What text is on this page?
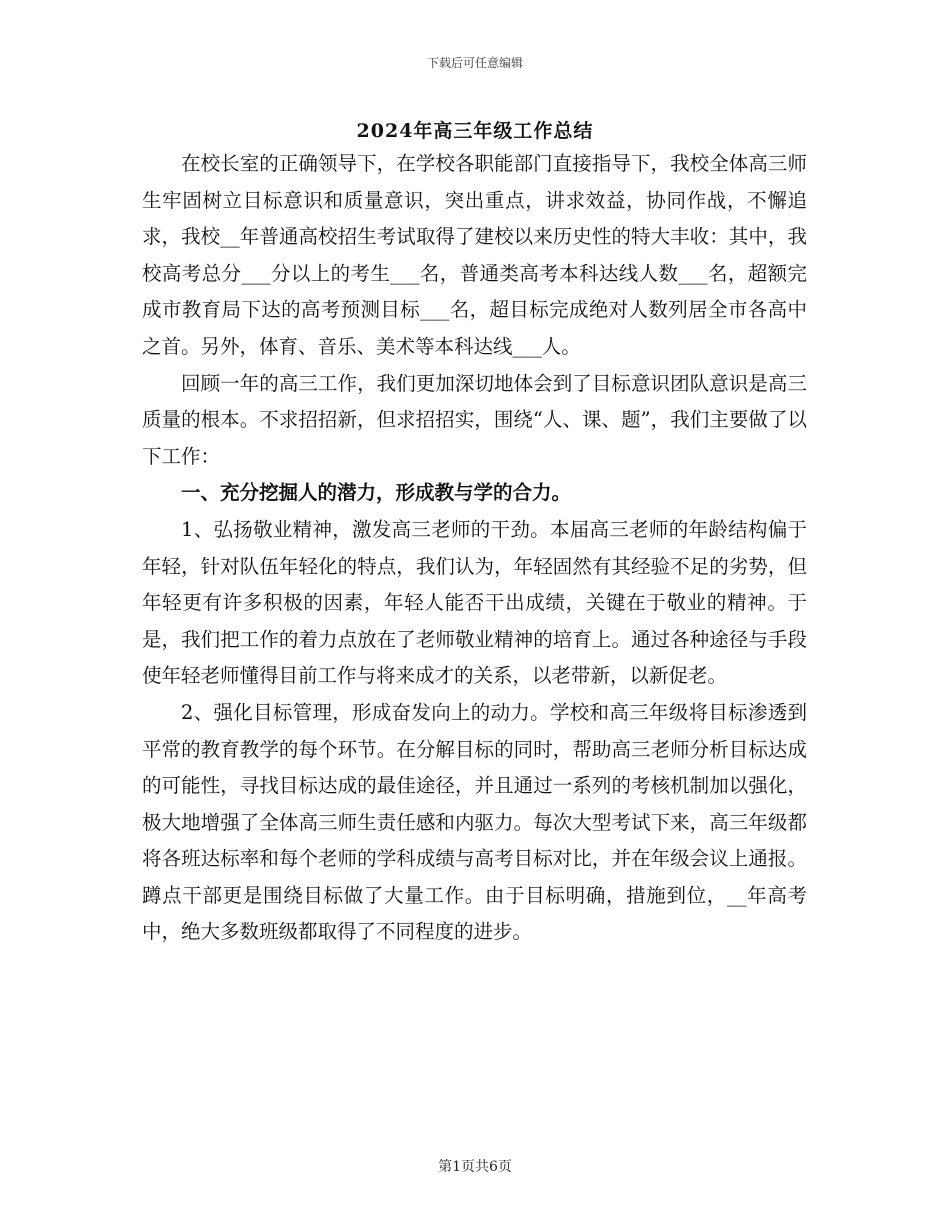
下载后可任意编辑
2024年高三年级工作总结

在校长室的正确领导下，在学校各职能部门直接指导下，我校全体高三师生牢固树立目标意识和质量意识，突出重点，讲求效益，协同作战，不懈追求，我校__年普通高校招生考试取得了建校以来历史性的特大丰收：其中，我校高考总分___分以上的考生___名，普通类高考本科达线人数___名，超额完成市教育局下达的高考预测目标___名，超目标完成绝对人数列居全市各高中之首。另外，体育、音乐、美术等本科达线___人。

回顾一年的高三工作，我们更加深切地体会到了目标意识团队意识是高三质量的根本。不求招招新，但求招招实，围绕“人、课、题”，我们主要做了以下工作：

一、充分挖掘人的潜力，形成教与学的合力。

1、弘扬敬业精神，激发高三老师的干劲。本届高三老师的年龄结构偏于年轻，针对队伍年轻化的特点，我们认为，年轻固然有其经验不足的劣势，但年轻更有许多积极的因素，年轻人能否干出成绩，关键在于敬业的精神。于是，我们把工作的着力点放在了老师敬业精神的培育上。通过各种途径与手段使年轻老师懂得目前工作与将来成才的关系，以老带新，以新促老。

2、强化目标管理，形成奋发向上的动力。学校和高三年级将目标渗透到平常的教育教学的每个环节。在分解目标的同时，帮助高三老师分析目标达成的可能性，寻找目标达成的最佳途径，并且通过一系列的考核机制加以强化，极大地增强了全体高三师生责任感和内驱力。每次大型考试下来，高三年级都将各班达标率和每个老师的学科成绩与高考目标对比，并在年级会议上通报。蹲点干部更是围绕目标做了大量工作。由于目标明确，措施到位，__年高考中，绝大多数班级都取得了不同程度的进步。

第1页共6页
